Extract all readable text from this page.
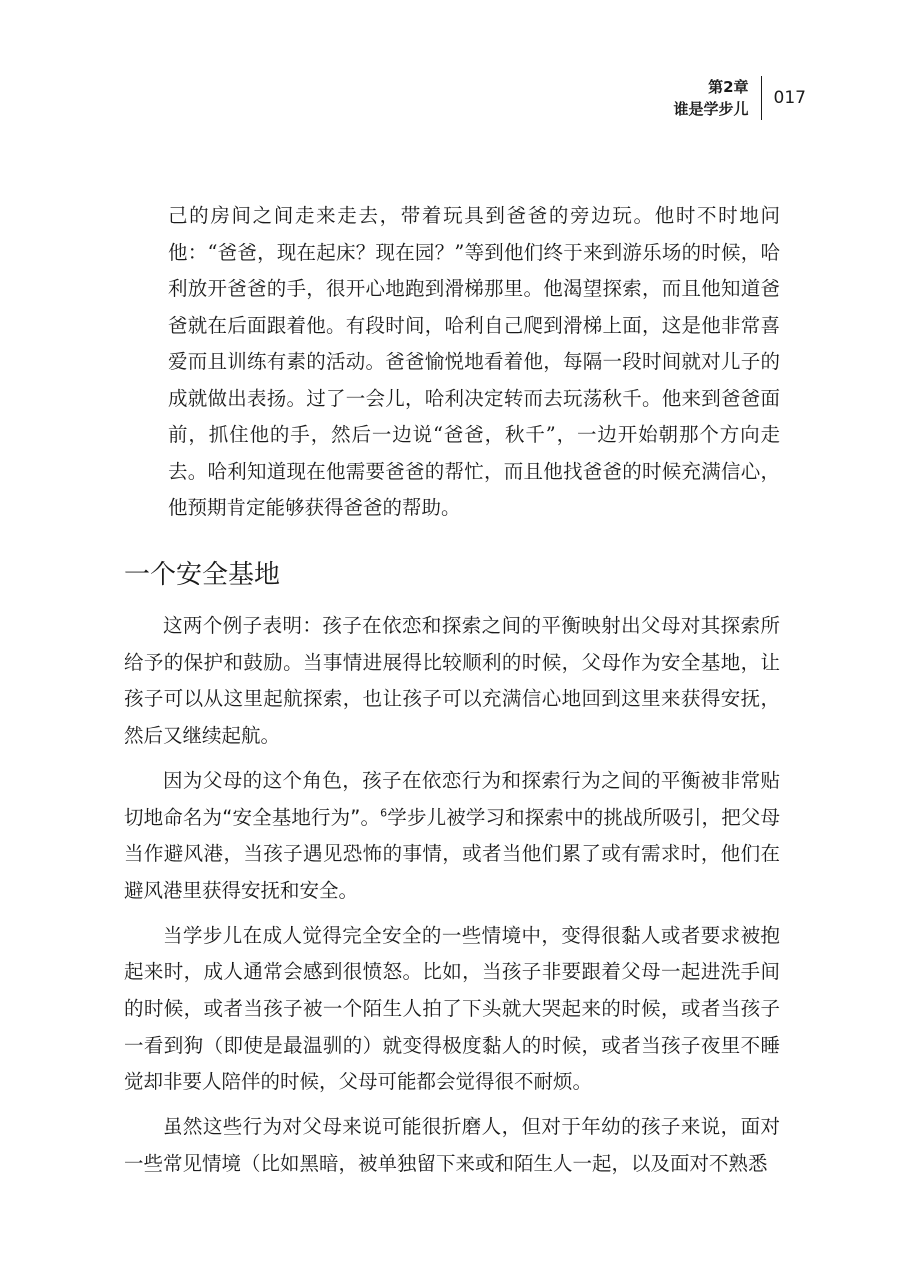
第2章
谁是学步儿
017
己的房间之间走来走去，带着玩具到爸爸的旁边玩。他时不时地问他：“爸爸，现在起床？现在园？”等到他们终于来到游乐场的时候，哈利放开爸爸的手，很开心地跑到滑梯那里。他渴望探索，而且他知道爸爸就在后面跟着他。有段时间，哈利自己爬到滑梯上面，这是他非常喜爱而且训练有素的活动。爸爸愉悦地看着他，每隔一段时间就对儿子的成就做出表扬。过了一会儿，哈利决定转而去玩荡秋千。他来到爸爸面前，抓住他的手，然后一边说“爸爸，秋千”，一边开始朝那个方向走去。哈利知道现在他需要爸爸的帮忙，而且他找爸爸的时候充满信心，他预期肯定能够获得爸爸的帮助。
一个安全基地

这两个例子表明：孩子在依恋和探索之间的平衡映射出父母对其探索所给予的保护和鼓励。当事情进展得比较顺利的时候，父母作为安全基地，让孩子可以从这里起航探索，也让孩子可以充满信心地回到这里来获得安抚，然后又继续起航。

因为父母的这个角色，孩子在依恋行为和探索行为之间的平衡被非常贴切地命名为“安全基地行为”。$^6$学步儿被学习和探索中的挑战所吸引，把父母当作避风港，当孩子遇见恐怖的事情，或者当他们累了或有需求时，他们在避风港里获得安抚和安全。

当学步儿在成人觉得完全安全的一些情境中，变得很黏人或者要求被抱起来时，成人通常会感到很愤怒。比如，当孩子非要跟着父母一起进洗手间的时候，或者当孩子被一个陌生人拍了下头就大哭起来的时候，或者当孩子一看到狗（即使是最温驯的）就变得极度黏人的时候，或者当孩子夜里不睡觉却非要人陪伴的时候，父母可能都会觉得很不耐烦。

虽然这些行为对父母来说可能很折磨人，但对于年幼的孩子来说，面对一些常见情境（比如黑暗，被单独留下来或和陌生人一起，以及面对不熟悉
